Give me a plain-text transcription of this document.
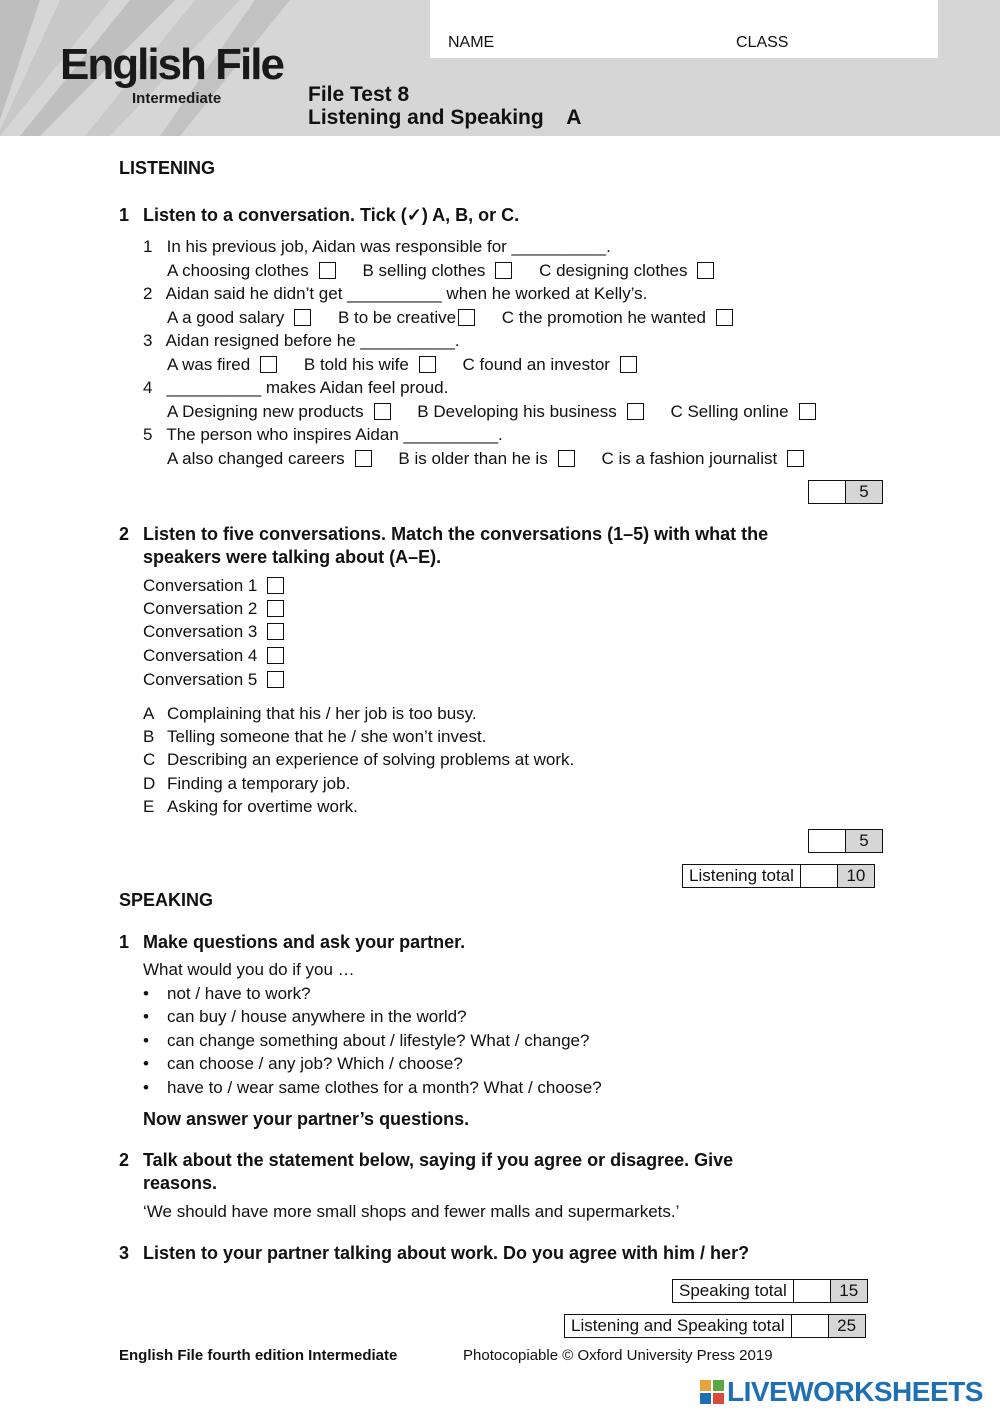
NAME	CLASS
English File
Intermediate	File Test 8
Listening and Speaking    A
LISTENING
1 Listen to a conversation. Tick (✓) A, B, or C.
1   In his previous job, Aidan was responsible for __________.
A choosing clothes	B selling clothes	C designing clothes
2   Aidan said he didn’t get __________ when he worked at Kelly’s.
A a good salary	B to be creative	C the promotion he wanted
3   Aidan resigned before he __________.
A was fired	B told his wife	C found an investor
4   __________ makes Aidan feel proud.
A Designing new products	B Developing his business	C Selling online
5   The person who inspires Aidan __________.
A also changed careers	B is older than he is	C is a fashion journalist
5
2 Listen to five conversations. Match the conversations (1–5) with what the
speakers were talking about (A–E).
Conversation 1
Conversation 2
Conversation 3
Conversation 4
Conversation 5
A Complaining that his / her job is too busy.
B Telling someone that he / she won’t invest.
C Describing an experience of solving problems at work.
D Finding a temporary job.
E Asking for overtime work.
5
Listening total	10
SPEAKING
1 Make questions and ask your partner.
What would you do if you …
• not / have to work?
• can buy / house anywhere in the world?
• can change something about / lifestyle? What / change?
• can choose / any job? Which / choose?
• have to / wear same clothes for a month? What / choose?
Now answer your partner’s questions.
2 Talk about the statement below, saying if you agree or disagree. Give
reasons.
‘We should have more small shops and fewer malls and supermarkets.’
3 Listen to your partner talking about work. Do you agree with him / her?
Speaking total	15
Listening and Speaking total	25
English File fourth edition Intermediate	Photocopiable © Oxford University Press 2019
LIVEWORKSHEETS
